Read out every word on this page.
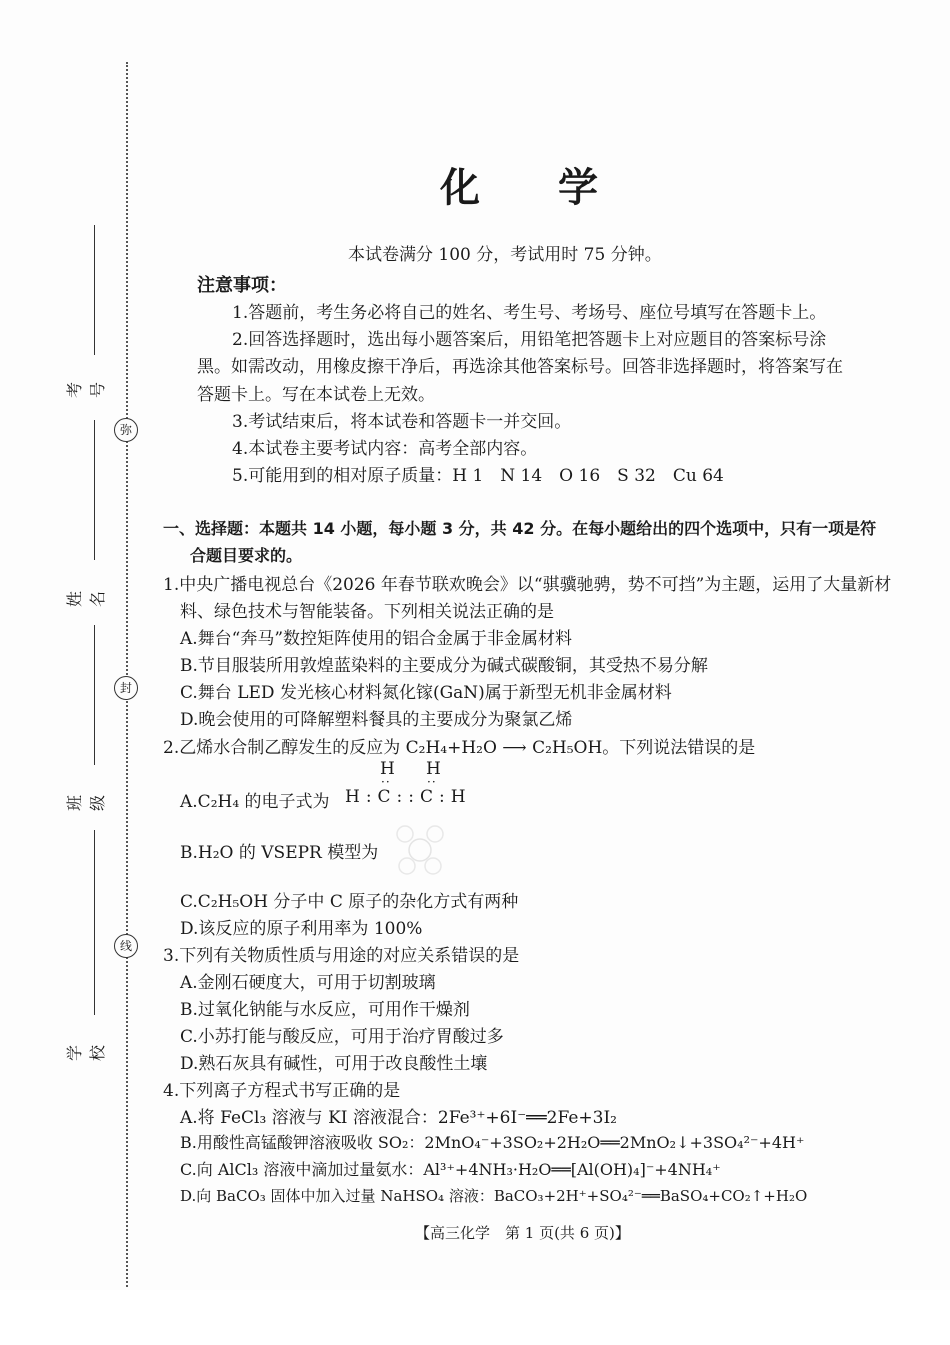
弥
封
线
考号
姓名
班级
学校
化学
本试卷满分 100 分，考试用时 75 分钟。
注意事项：
1.答题前，考生务必将自己的姓名、考生号、考场号、座位号填写在答题卡上。
2.回答选择题时，选出每小题答案后，用铅笔把答题卡上对应题目的答案标号涂
黑。如需改动，用橡皮擦干净后，再选涂其他答案标号。回答非选择题时，将答案写在
答题卡上。写在本试卷上无效。
3.考试结束后，将本试卷和答题卡一并交回。
4.本试卷主要考试内容：高考全部内容。
5.可能用到的相对原子质量：H 1　N 14　O 16　S 32　Cu 64
一、选择题：本题共 14 小题，每小题 3 分，共 42 分。在每小题给出的四个选项中，只有一项是符
合题目要求的。
1.中央广播电视总台《2026 年春节联欢晚会》以“骐骥驰骋，势不可挡”为主题，运用了大量新材
料、绿色技术与智能装备。下列相关说法正确的是
A.舞台“奔马”数控矩阵使用的铝合金属于非金属材料
B.节目服装所用敦煌蓝染料的主要成分为碱式碳酸铜，其受热不易分解
C.舞台 LED 发光核心材料氮化镓(GaN)属于新型无机非金属材料
D.晚会使用的可降解塑料餐具的主要成分为聚氯乙烯
2.乙烯水合制乙醇发生的反应为 C₂H₄+H₂O ⟶ C₂H₅OH。下列说法错误的是
H H
··	··
A.C₂H₄ 的电子式为 H:C::C:H
B.H₂O 的 VSEPR 模型为
C.C₂H₅OH 分子中 C 原子的杂化方式有两种
D.该反应的原子利用率为 100%
3.下列有关物质性质与用途的对应关系错误的是
A.金刚石硬度大，可用于切割玻璃
B.过氧化钠能与水反应，可用作干燥剂
C.小苏打能与酸反应，可用于治疗胃酸过多
D.熟石灰具有碱性，可用于改良酸性土壤
4.下列离子方程式书写正确的是
A.将 FeCl₃ 溶液与 KI 溶液混合：2Fe³⁺+6I⁻══2Fe+3I₂
B.用酸性高锰酸钾溶液吸收 SO₂：2MnO₄⁻+3SO₂+2H₂O══2MnO₂↓+3SO₄²⁻+4H⁺
C.向 AlCl₃ 溶液中滴加过量氨水：Al³⁺+4NH₃·H₂O══[Al(OH)₄]⁻+4NH₄⁺
D.向 BaCO₃ 固体中加入过量 NaHSO₄ 溶液：BaCO₃+2H⁺+SO₄²⁻══BaSO₄+CO₂↑+H₂O
【高三化学　第 1 页(共 6 页)】
